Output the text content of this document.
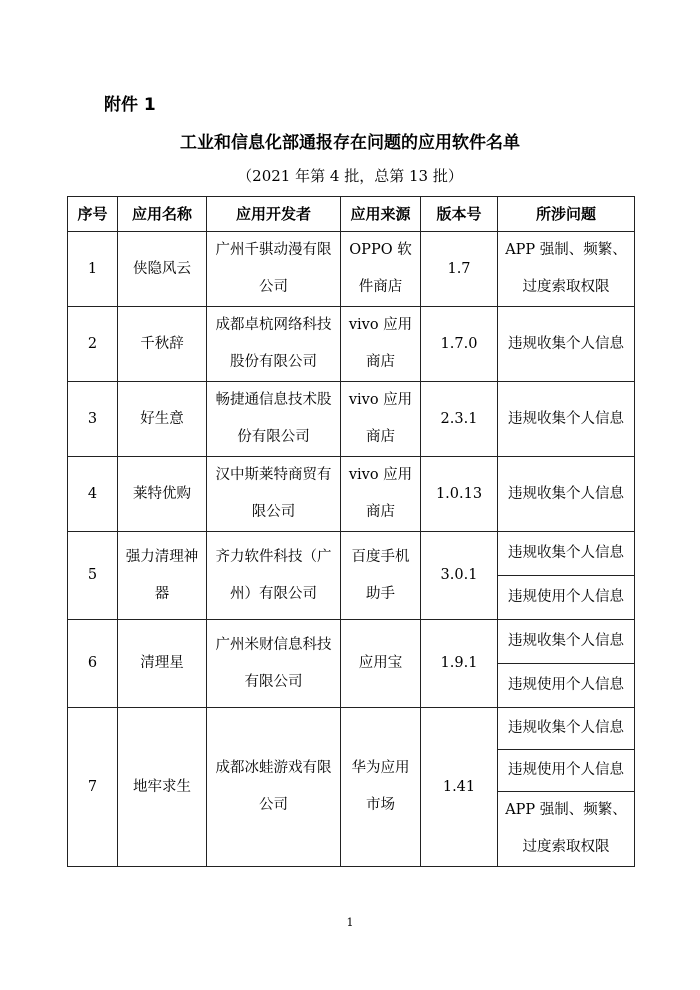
附件 1
工业和信息化部通报存在问题的应用软件名单
（2021 年第 4 批，总第 13 批）
序号	应用名称	应用开发者	应用来源	版本号	所涉问题
1	侠隐风云	广州千骐动漫有限公司	OPPO 软件商店	1.7	APP 强制、频繁、过度索取权限
2	千秋辞	成都卓杭网络科技股份有限公司	vivo 应用商店	1.7.0	违规收集个人信息
3	好生意	畅捷通信息技术股份有限公司	vivo 应用商店	2.3.1	违规收集个人信息
4	莱特优购	汉中斯莱特商贸有限公司	vivo 应用商店	1.0.13	违规收集个人信息
5	强力清理神器	齐力软件科技（广州）有限公司	百度手机助手	3.0.1	违规收集个人信息
					违规使用个人信息
6	清理星	广州米财信息科技有限公司	应用宝	1.9.1	违规收集个人信息
					违规使用个人信息
7	地牢求生	成都冰蛙游戏有限公司	华为应用市场	1.41	违规收集个人信息
					违规使用个人信息
					APP 强制、频繁、过度索取权限
1
